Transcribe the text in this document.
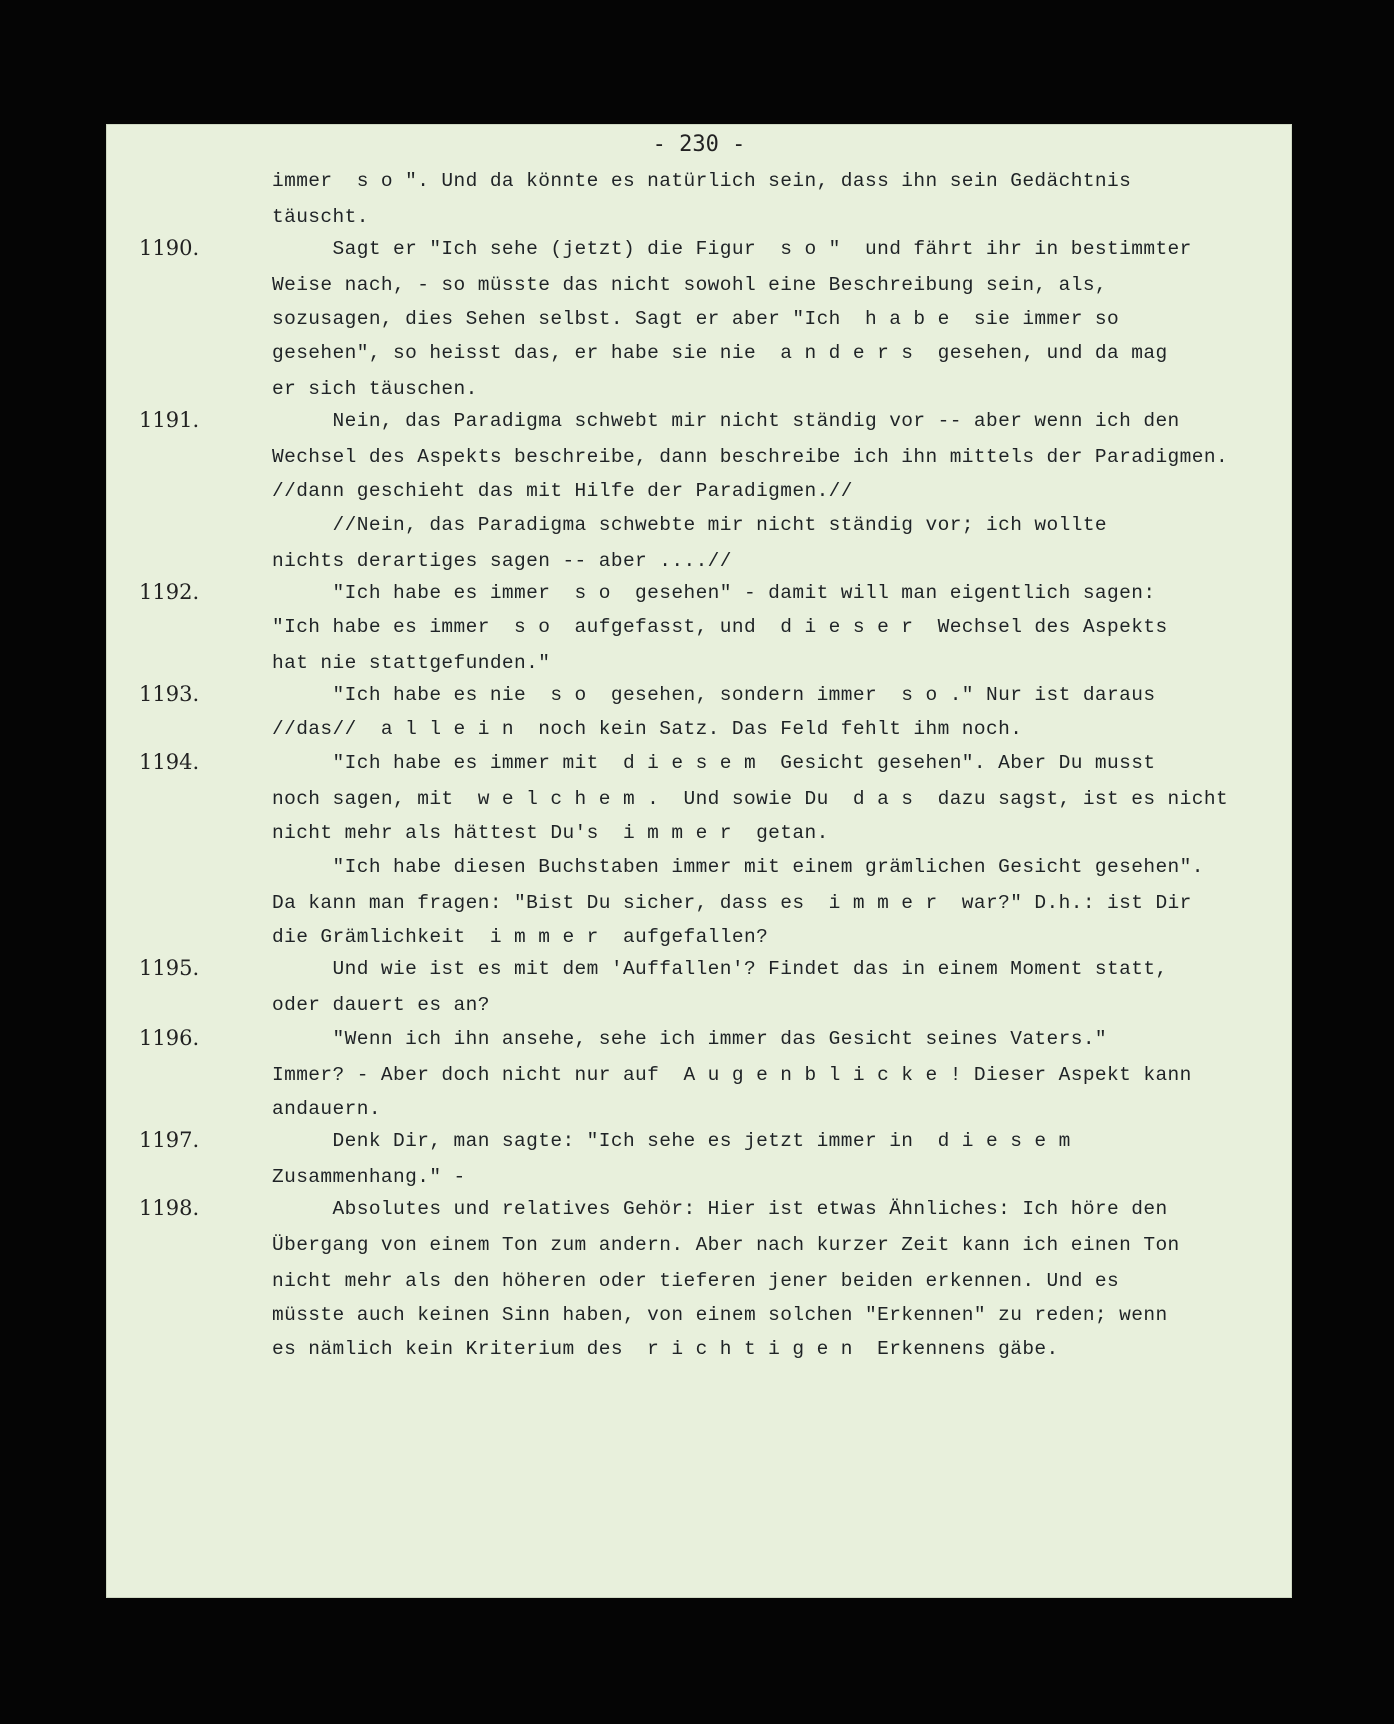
- 230 -
immer  s o ". Und da könnte es natürlich sein, dass ihn sein Gedächtnis
täuscht.
1190.	Sagt er "Ich sehe (jetzt) die Figur  s o "  und fährt ihr in bestimmter
Weise nach, - so müsste das nicht sowohl eine Beschreibung sein, als,
sozusagen, dies Sehen selbst. Sagt er aber "Ich  h a b e  sie immer so
gesehen", so heisst das, er habe sie nie  a n d e r s  gesehen, und da mag
er sich täuschen.
1191.	Nein, das Paradigma schwebt mir nicht ständig vor -- aber wenn ich den
Wechsel des Aspekts beschreibe, dann beschreibe ich ihn mittels der Paradigmen.
//dann geschieht das mit Hilfe der Paradigmen.//
//Nein, das Paradigma schwebte mir nicht ständig vor; ich wollte
nichts derartiges sagen -- aber ....//
1192.	"Ich habe es immer  s o  gesehen" - damit will man eigentlich sagen:
"Ich habe es immer  s o  aufgefasst, und  d i e s e r  Wechsel des Aspekts
hat nie stattgefunden."
1193.	"Ich habe es nie  s o  gesehen, sondern immer  s o ." Nur ist daraus
//das//  a l l e i n  noch kein Satz. Das Feld fehlt ihm noch.
1194.	"Ich habe es immer mit  d i e s e m  Gesicht gesehen". Aber Du musst
noch sagen, mit  w e l c h e m .  Und sowie Du  d a s  dazu sagst, ist es nicht
nicht mehr als hättest Du's  i m m e r  getan.
"Ich habe diesen Buchstaben immer mit einem grämlichen Gesicht gesehen".
Da kann man fragen: "Bist Du sicher, dass es  i m m e r  war?" D.h.: ist Dir
die Grämlichkeit  i m m e r  aufgefallen?
1195.	Und wie ist es mit dem 'Auffallen'? Findet das in einem Moment statt,
oder dauert es an?
1196.	"Wenn ich ihn ansehe, sehe ich immer das Gesicht seines Vaters."
Immer? - Aber doch nicht nur auf  A u g e n b l i c k e ! Dieser Aspekt kann
andauern.
1197.	Denk Dir, man sagte: "Ich sehe es jetzt immer in  d i e s e m
Zusammenhang." -
1198.	Absolutes und relatives Gehör: Hier ist etwas Ähnliches: Ich höre den
Übergang von einem Ton zum andern. Aber nach kurzer Zeit kann ich einen Ton
nicht mehr als den höheren oder tieferen jener beiden erkennen. Und es
müsste auch keinen Sinn haben, von einem solchen "Erkennen" zu reden; wenn
es nämlich kein Kriterium des  r i c h t i g e n  Erkennens gäbe.
